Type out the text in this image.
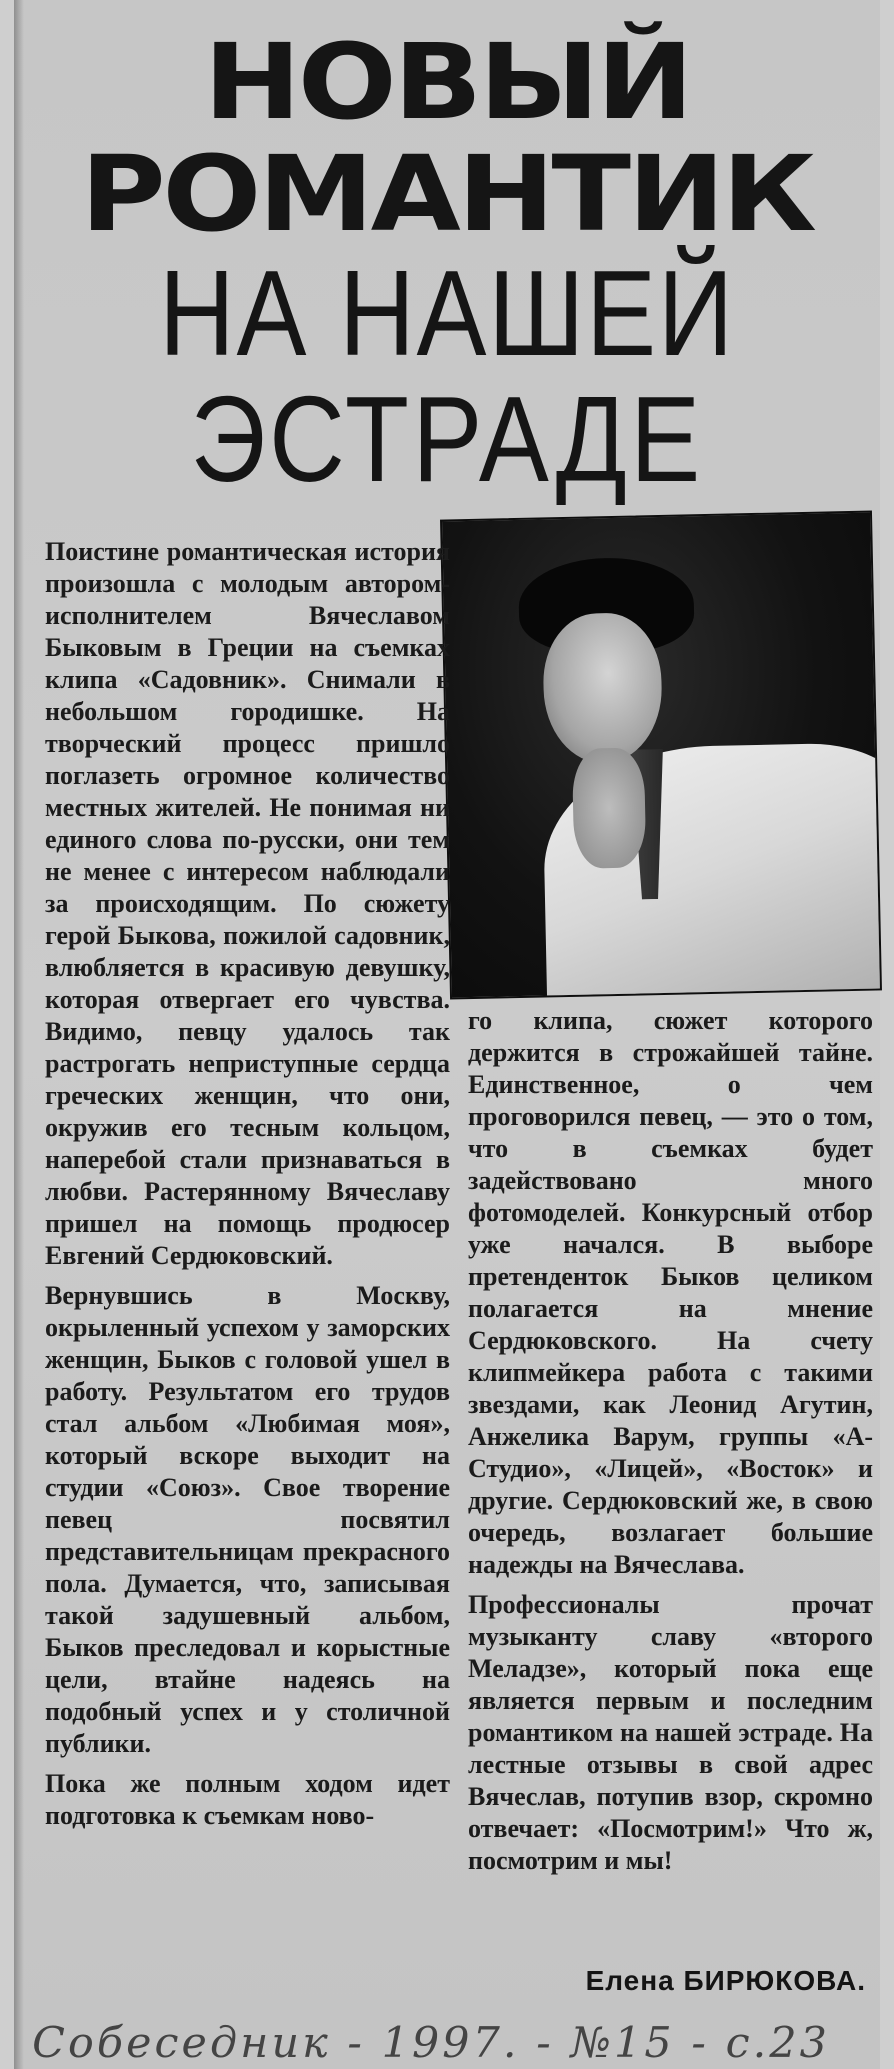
НОВЫЙ
РОМАНТИК
НА НАШЕЙ
ЭСТРАДЕ

Поистине романтическая история произошла с молодым автором-исполнителем Вячеславом Быковым в Греции на съемках клипа «Садовник». Снимали в небольшом городишке. На творческий процесс пришло поглазеть огромное количество местных жителей. Не понимая ни единого слова по-русски, они тем не менее с интересом наблюдали за происходящим. По сюжету герой Быкова, пожилой садовник, влюбляется в красивую девушку, которая отвергает его чувства. Видимо, певцу удалось так растрогать неприступные сердца греческих женщин, что они, окружив его тесным кольцом, наперебой стали признаваться в любви. Растерянному Вячеславу пришел на помощь продюсер Евгений Сердюковский.

Вернувшись в Москву, окрыленный успехом у заморских женщин, Быков с головой ушел в работу. Результатом его трудов стал альбом «Любимая моя», который вскоре выходит на студии «Союз». Свое творение певец посвятил представительницам прекрасного пола. Думается, что, записывая такой задушевный альбом, Быков преследовал и корыстные цели, втайне надеясь на подобный успех и у столичной публики.

Пока же полным ходом идет подготовка к съемкам ново-

го клипа, сюжет которого держится в строжайшей тайне. Единственное, о чем проговорился певец, — это о том, что в съемках будет задействовано много фотомоделей. Конкурсный отбор уже начался. В выборе претенденток Быков целиком полагается на мнение Сердюковского. На счету клипмейкера работа с такими звездами, как Леонид Агутин, Анжелика Варум, группы «А-Студио», «Лицей», «Восток» и другие. Сердюковский же, в свою очередь, возлагает большие надежды на Вячеслава.

Профессионалы прочат музыканту славу «второго Меладзе», который пока еще является первым и последним романтиком на нашей эстраде. На лестные отзывы в свой адрес Вячеслав, потупив взор, скромно отвечает: «Посмотрим!» Что ж, посмотрим и мы!

Елена БИРЮКОВА.
Собеседник - 1997. - №15 - с.23
